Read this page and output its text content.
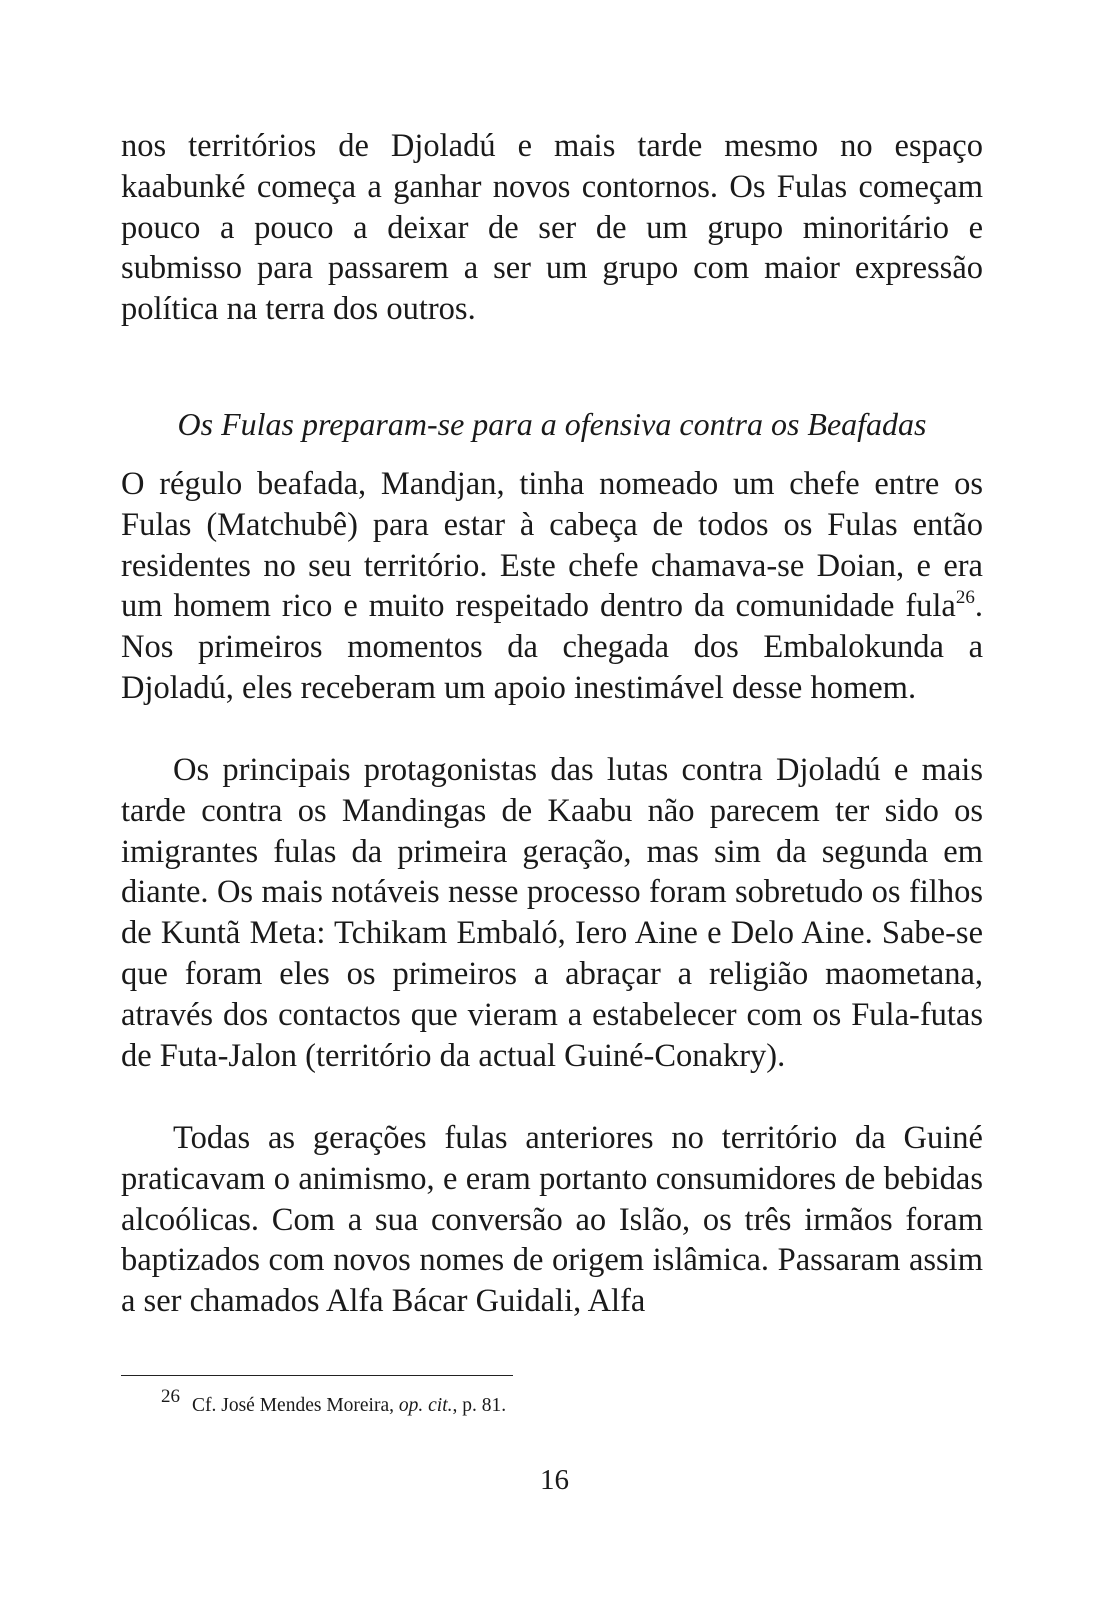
nos territórios de Djoladú e mais tarde mesmo no espaço kaabunké começa a ganhar novos contornos. Os Fulas começam pouco a pouco a deixar de ser de um grupo minoritário e submisso para passarem a ser um grupo com maior expressão política na terra dos outros.

Os Fulas preparam-se para a ofensiva contra os Beafadas

O régulo beafada, Mandjan, tinha nomeado um chefe entre os Fulas (Matchubê) para estar à cabeça de todos os Fulas então residentes no seu território. Este chefe chamava-se Doian, e era um homem rico e muito respeitado dentro da comunidade fula$^{26}$. Nos primeiros momentos da chegada dos Embalokunda a Djoladú, eles receberam um apoio inestimável desse homem.

Os principais protagonistas das lutas contra Djoladú e mais tarde contra os Mandingas de Kaabu não parecem ter sido os imigrantes fulas da primeira geração, mas sim da segunda em diante. Os mais notáveis nesse processo foram sobretudo os filhos de Kuntã Meta: Tchikam Embaló, Iero Aine e Delo Aine. Sabe-se que foram eles os primeiros a abraçar a religião maometana, através dos contactos que vieram a estabelecer com os Fula-futas de Futa-Jalon (território da actual Guiné-Conakry).

Todas as gerações fulas anteriores no território da Guiné praticavam o animismo, e eram portanto consumidores de bebidas alcoólicas. Com a sua conversão ao Islão, os três irmãos foram baptizados com novos nomes de origem islâmica. Passaram assim a ser chamados Alfa Bácar Guidali, Alfa

26 Cf. José Mendes Moreira, op. cit., p. 81.
16
